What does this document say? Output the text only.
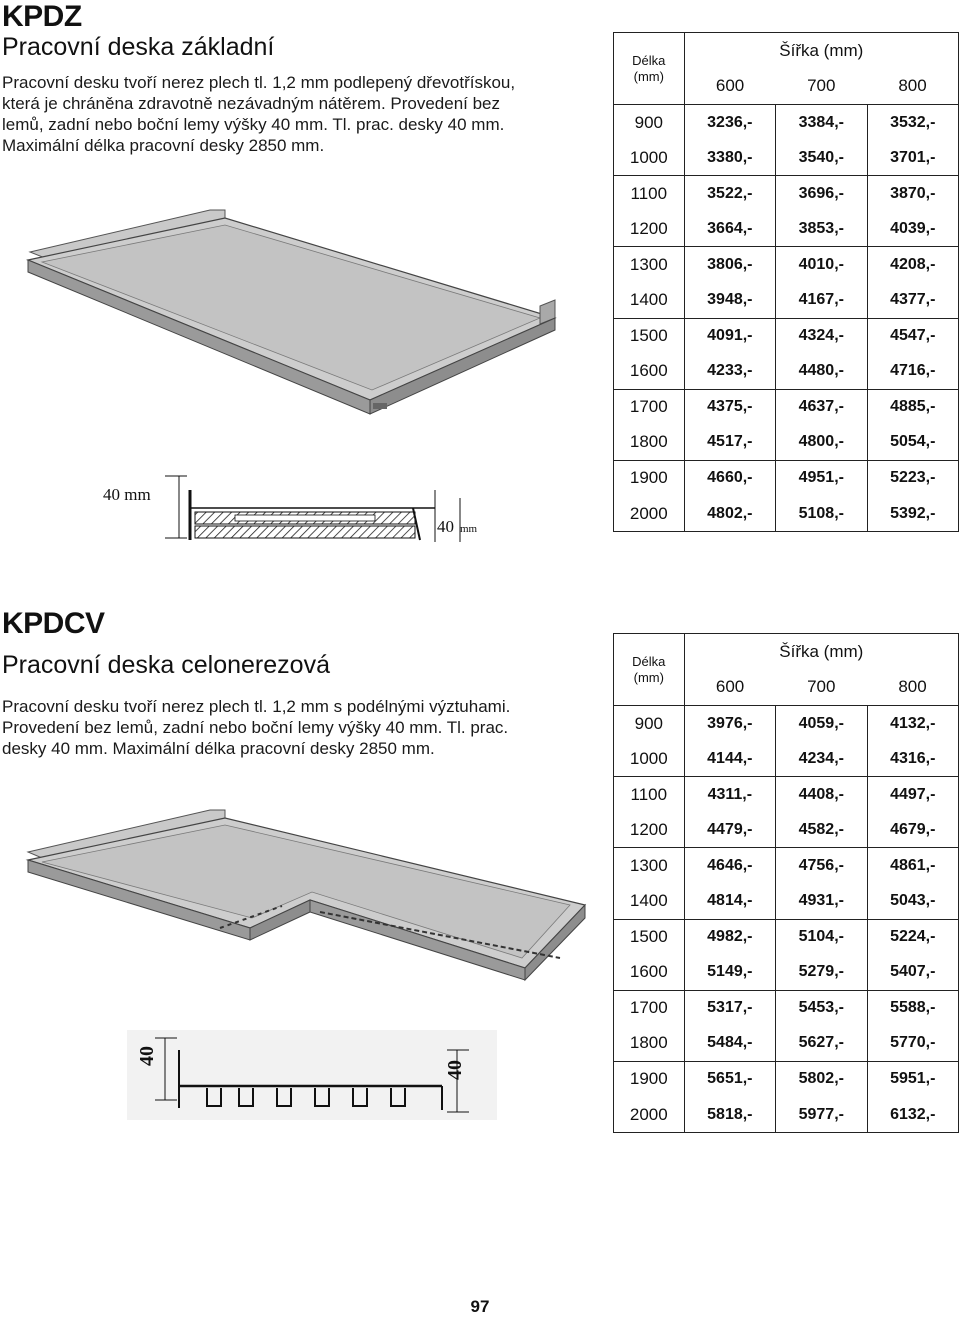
KPDZ
Pracovní deska základní
Pracovní desku tvoří nerez plech tl. 1,2 mm podlepený dřevotřískou,
která je chráněna zdravotně nezávadným nátěrem. Provedení bez
lemů, zadní nebo boční lemy výšky 40 mm. Tl. prac. desky 40 mm.
Maximální délka pracovní desky 2850 mm.
40 mm
40 mm
Délka
(mm)	Šířka (mm)		
	600	700	800
900	3236,-	3384,-	3532,-
1000	3380,-	3540,-	3701,-
1100	3522,-	3696,-	3870,-
1200	3664,-	3853,-	4039,-
1300	3806,-	4010,-	4208,-
1400	3948,-	4167,-	4377,-
1500	4091,-	4324,-	4547,-
1600	4233,-	4480,-	4716,-
1700	4375,-	4637,-	4885,-
1800	4517,-	4800,-	5054,-
1900	4660,-	4951,-	5223,-
2000	4802,-	5108,-	5392,-
KPDCV
Pracovní deska celonerezová
Pracovní desku tvoří nerez plech tl. 1,2 mm s podélnými výztuhami.
Provedení bez lemů, zadní nebo boční lemy výšky 40 mm. Tl. prac.
desky 40 mm. Maximální délka pracovní desky 2850 mm.
40
40
Délka
(mm)	Šířka (mm)		
	600	700	800
900	3976,-	4059,-	4132,-
1000	4144,-	4234,-	4316,-
1100	4311,-	4408,-	4497,-
1200	4479,-	4582,-	4679,-
1300	4646,-	4756,-	4861,-
1400	4814,-	4931,-	5043,-
1500	4982,-	5104,-	5224,-
1600	5149,-	5279,-	5407,-
1700	5317,-	5453,-	5588,-
1800	5484,-	5627,-	5770,-
1900	5651,-	5802,-	5951,-
2000	5818,-	5977,-	6132,-
97
